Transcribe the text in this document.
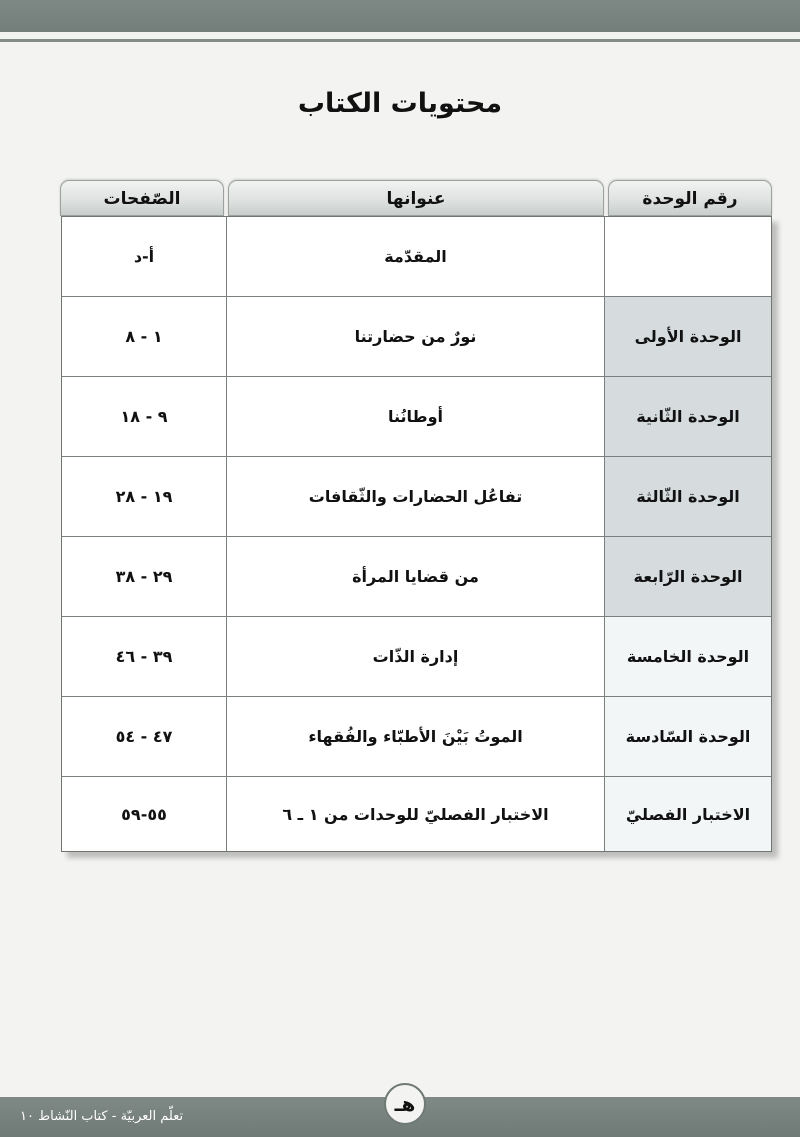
محتويات الكتاب
رقم الوحدة
عنوانها
الصّفحات
المقدّمة
أ-د
الوحدة الأولى
نورٌ من حضارتنا
١ - ٨
الوحدة الثّانية
أوطانُنا
٩ - ١٨
الوحدة الثّالثة
تفاعُل الحضارات والثّقافات
١٩ - ٢٨
الوحدة الرّابعة
من قضايا المرأة
٢٩ - ٣٨
الوحدة الخامسة
إدارة الذّات
٣٩ - ٤٦
الوحدة السّادسة
الموتُ بَيْنَ الأطبّاء والفُقهاء
٤٧ - ٥٤
الاختبار الفصليّ
الاختبار الفصليّ للوحدات من ١ ـ ٦
٥٥-٥٩
تعلّم العربيّة - كتاب النّشاط ١٠
هـ
